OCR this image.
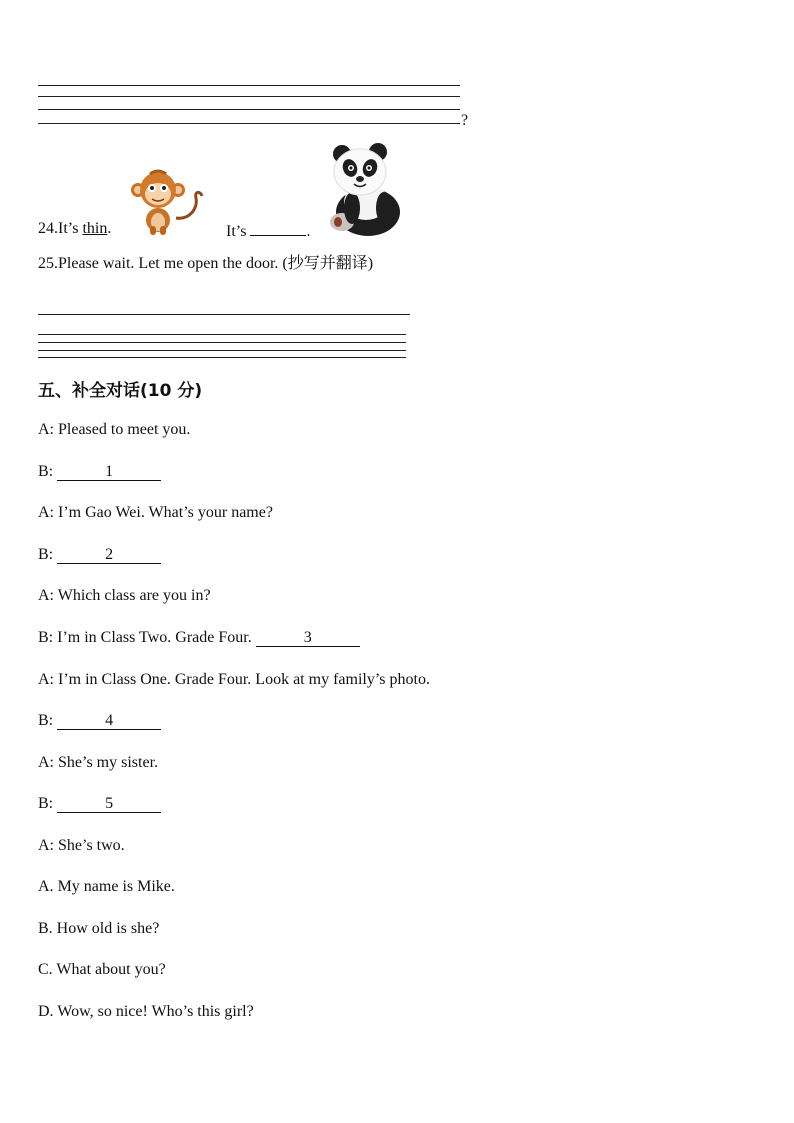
?
24.It’s thin.	It’s	.
25.Please wait. Let me open the door. (抄写并翻译)
五、补全对话(10 分)
A: Pleased to meet you.
B:	1
A: I’m Gao Wei. What’s your name?
B:	2
A: Which class are you in?
B: I’m in Class Two. Grade Four.	3
A: I’m in Class One. Grade Four. Look at my family’s photo.
B:	4
A: She’s my sister.
B:	5
A: She’s two.
A. My name is Mike.
B. How old is she?
C. What about you?
D. Wow, so nice! Who’s this girl?
